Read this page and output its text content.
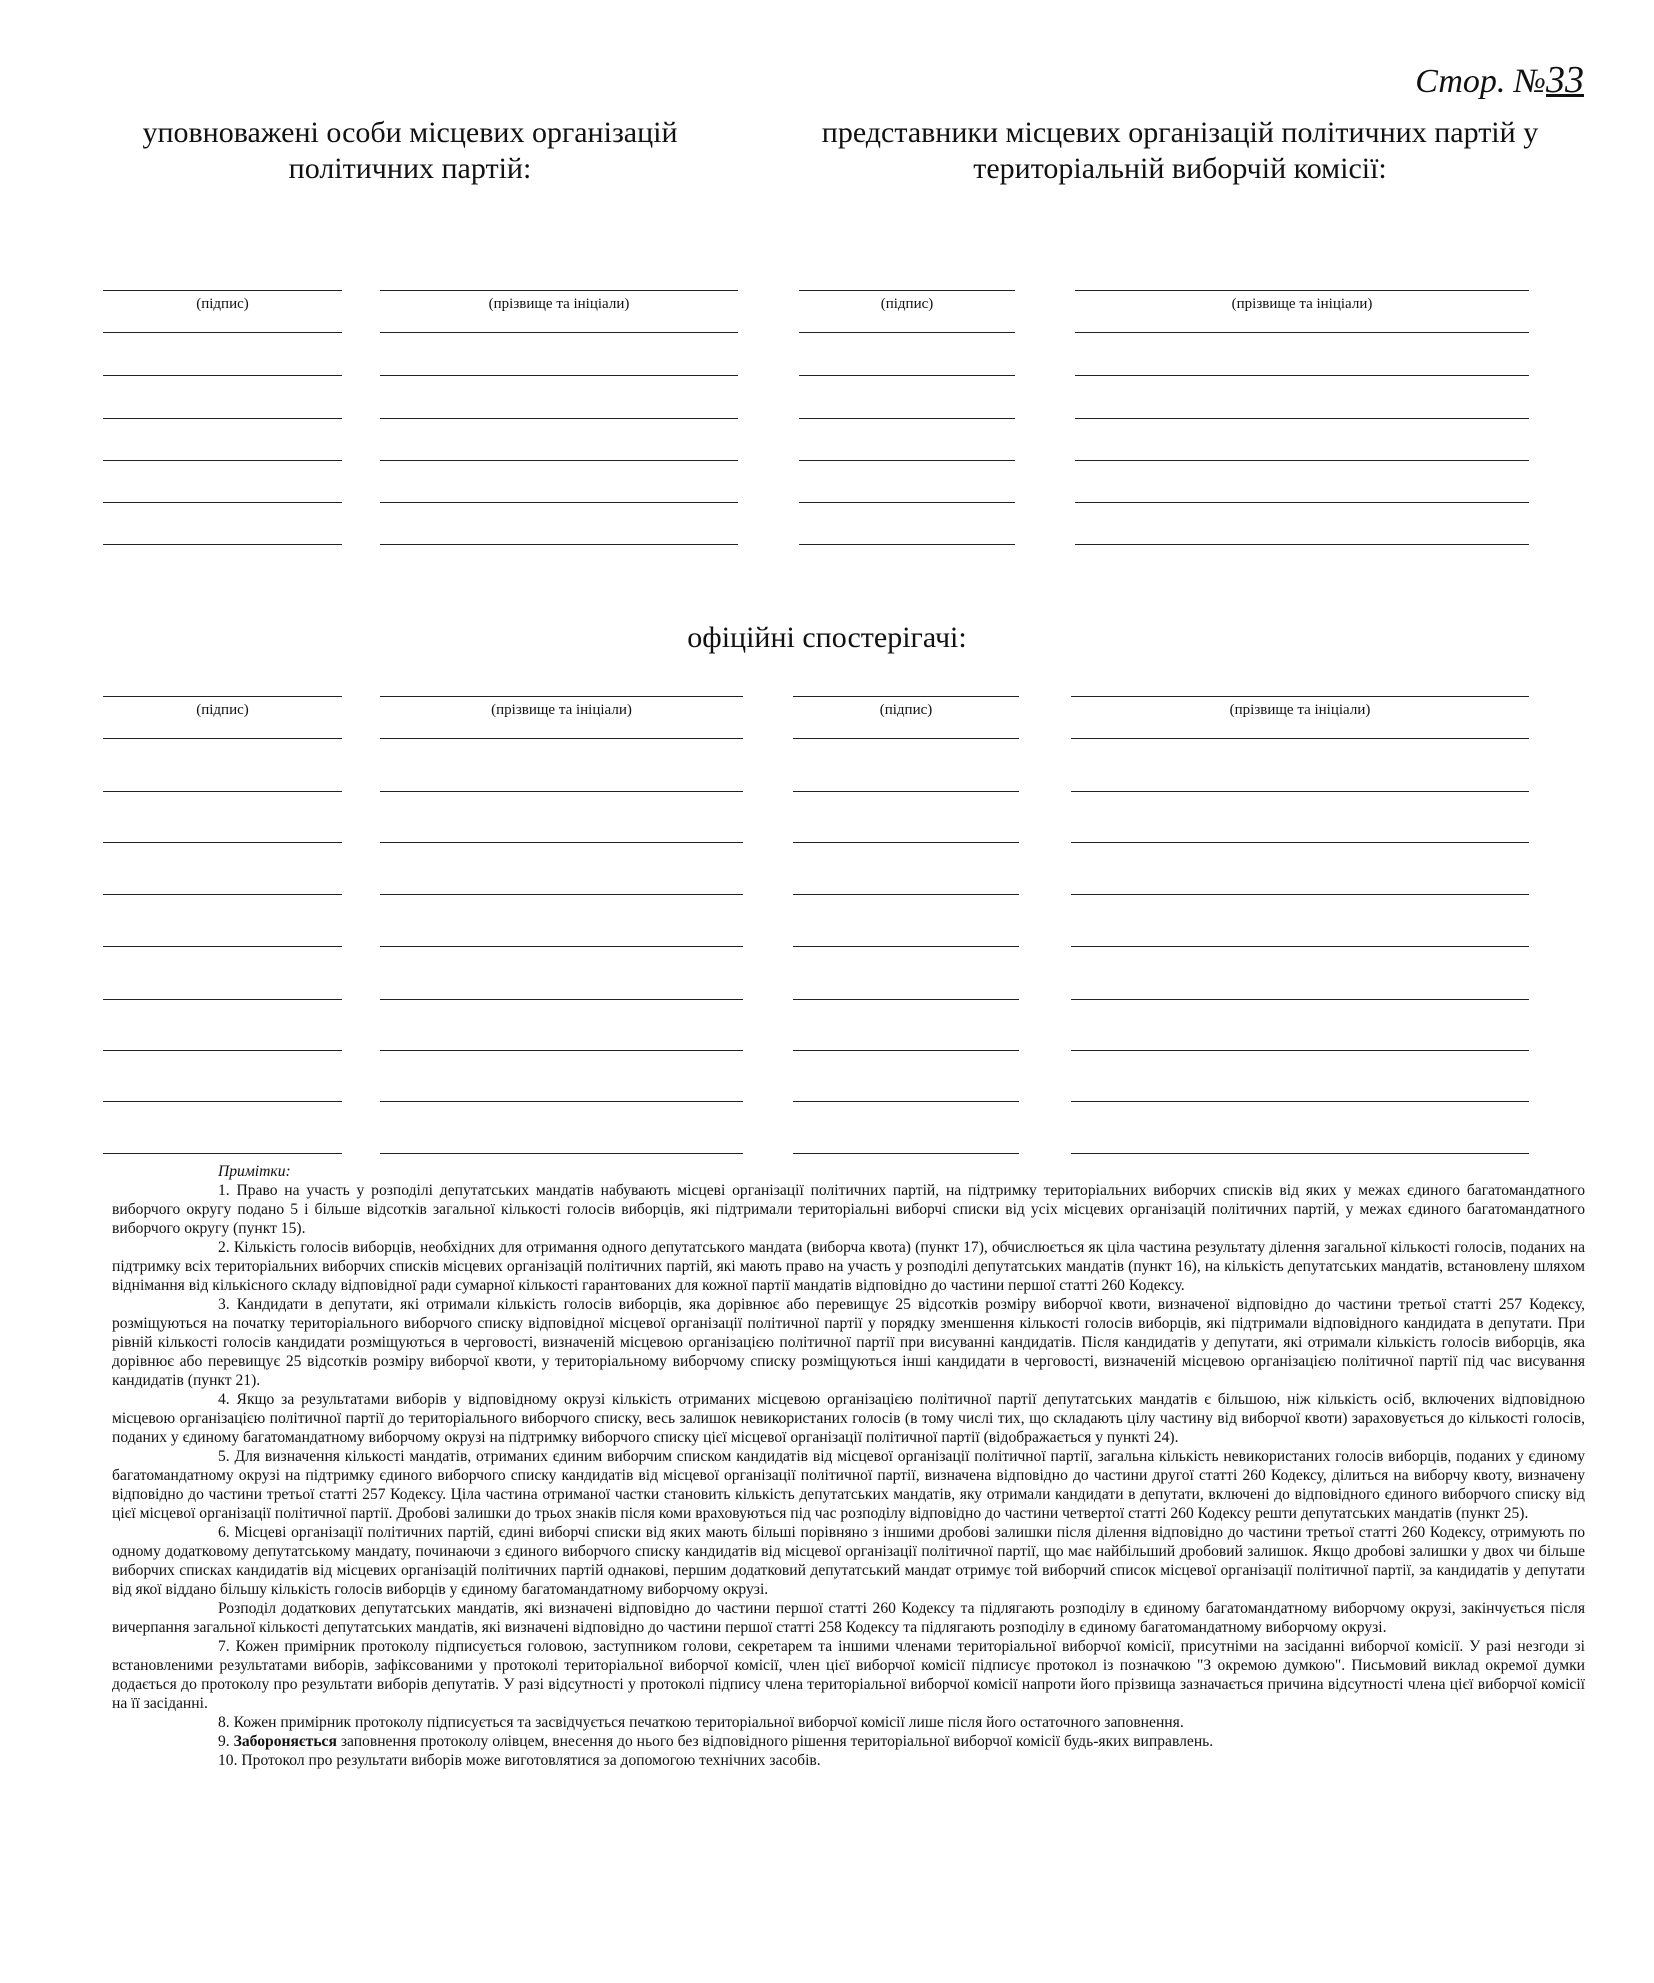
Стор. №33
уповноважені особи місцевих організацій політичних партій:
представники місцевих організацій політичних партій у територіальній виборчій комісії:
офіційні спостерігачі:
Примітки:

1. Право на участь у розподілі депутатських мандатів набувають місцеві організації політичних партій, на підтримку територіальних виборчих списків від яких у межах єдиного багатомандатного виборчого округу подано 5 і більше відсотків загальної кількості голосів виборців, які підтримали територіальні виборчі списки від усіх місцевих організацій політичних партій, у межах єдиного багатомандатного виборчого округу (пункт 15).

2. Кількість голосів виборців, необхідних для отримання одного депутатського мандата (виборча квота) (пункт 17), обчислюється як ціла частина результату ділення загальної кількості голосів, поданих на підтримку всіх територіальних виборчих списків місцевих організацій політичних партій, які мають право на участь у розподілі депутатських мандатів (пункт 16), на кількість депутатських мандатів, встановлену шляхом віднімання від кількісного складу відповідної ради сумарної кількості гарантованих для кожної партії мандатів відповідно до частини першої статті 260 Кодексу.

3. Кандидати в депутати, які отримали кількість голосів виборців, яка дорівнює або перевищує 25 відсотків розміру виборчої квоти, визначеної відповідно до частини третьої статті 257 Кодексу, розміщуються на початку територіального виборчого списку відповідної місцевої організації політичної партії у порядку зменшення кількості голосів виборців, які підтримали відповідного кандидата в депутати. При рівній кількості голосів кандидати розміщуються в черговості, визначеній місцевою організацією політичної партії при висуванні кандидатів. Після кандидатів у депутати, які отримали кількість голосів виборців, яка дорівнює або перевищує 25 відсотків розміру виборчої квоти, у територіальному виборчому списку розміщуються інші кандидати в черговості, визначеній місцевою організацією політичної партії під час висування кандидатів (пункт 21).

4. Якщо за результатами виборів у відповідному окрузі кількість отриманих місцевою організацією політичної партії депутатських мандатів є більшою, ніж кількість осіб, включених відповідною місцевою організацією політичної партії до територіального виборчого списку, весь залишок невикористаних голосів (в тому числі тих, що складають цілу частину від виборчої квоти) зараховується до кількості голосів, поданих у єдиному багатомандатному виборчому окрузі на підтримку виборчого списку цієї місцевої організації політичної партії (відображається у пункті 24).

5. Для визначення кількості мандатів, отриманих єдиним виборчим списком кандидатів від місцевої організації політичної партії, загальна кількість невикористаних голосів виборців, поданих у єдиному багатомандатному окрузі на підтримку єдиного виборчого списку кандидатів від місцевої організації політичної партії, визначена відповідно до частини другої статті 260 Кодексу, ділиться на виборчу квоту, визначену відповідно до частини третьої статті 257 Кодексу. Ціла частина отриманої частки становить кількість депутатських мандатів, яку отримали кандидати в депутати, включені до відповідного єдиного виборчого списку від цієї місцевої організації політичної партії. Дробові залишки до трьох знаків після коми враховуються під час розподілу відповідно до частини четвертої статті 260 Кодексу решти депутатських мандатів (пункт 25).

6. Місцеві організації політичних партій, єдині виборчі списки від яких мають більші порівняно з іншими дробові залишки після ділення відповідно до частини третьої статті 260 Кодексу, отримують по одному додатковому депутатському мандату, починаючи з єдиного виборчого списку кандидатів від місцевої організації політичної партії, що має найбільший дробовий залишок. Якщо дробові залишки у двох чи більше виборчих списках кандидатів від місцевих організацій політичних партій однакові, першим додатковий депутатський мандат отримує той виборчий список місцевої організації політичної партії, за кандидатів у депутати від якої віддано більшу кількість голосів виборців у єдиному багатомандатному виборчому окрузі.

Розподіл додаткових депутатських мандатів, які визначені відповідно до частини першої статті 260 Кодексу та підлягають розподілу в єдиному багатомандатному виборчому окрузі, закінчується після вичерпання загальної кількості депутатських мандатів, які визначені відповідно до частини першої статті 258 Кодексу та підлягають розподілу в єдиному багатомандатному виборчому окрузі.

7. Кожен примірник протоколу підписується головою, заступником голови, секретарем та іншими членами територіальної виборчої комісії, присутніми на засіданні виборчої комісії. У разі незгоди зі встановленими результатами виборів, зафіксованими у протоколі територіальної виборчої комісії, член цієї виборчої комісії підписує протокол із позначкою "З окремою думкою". Письмовий виклад окремої думки додається до протоколу про результати виборів депутатів. У разі відсутності у протоколі підпису члена територіальної виборчої комісії напроти його прізвища зазначається причина відсутності члена цієї виборчої комісії на її засіданні.

8. Кожен примірник протоколу підписується та засвідчується печаткою територіальної виборчої комісії лише після його остаточного заповнення.

9. Забороняється заповнення протоколу олівцем, внесення до нього без відповідного рішення територіальної виборчої комісії будь-яких виправлень.

10. Протокол про результати виборів може виготовлятися за допомогою технічних засобів.

(підпис)	(прізвище та ініціали)	(підпис)	(прізвище та ініціали)
(підпис)	(прізвище та ініціали)	(підпис)	(прізвище та ініціали)
